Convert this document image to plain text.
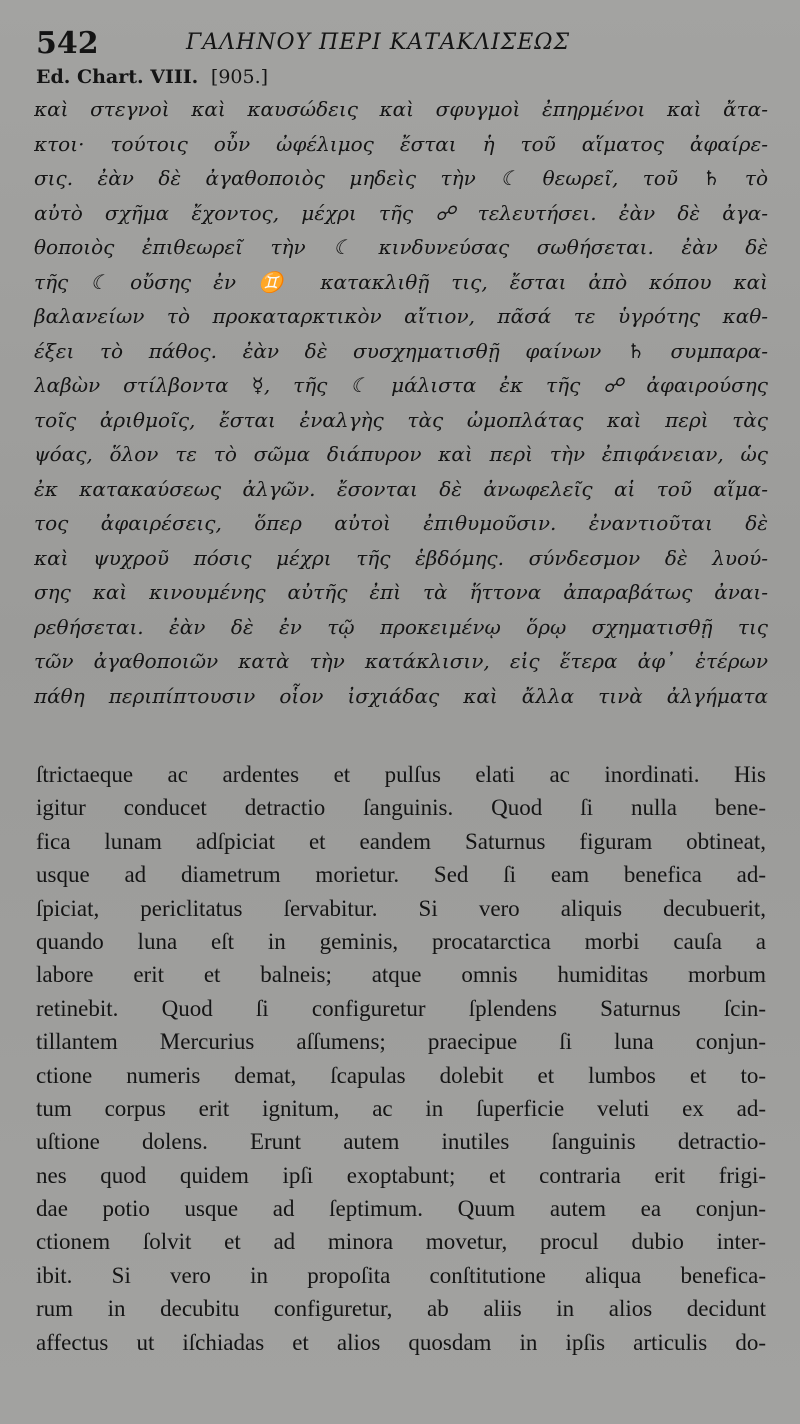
542	ΓΑΛΗΝΟΥ ΠΕΡΙ ΚΑΤΑΚΛΙΣΕΩΣ
Ed. Chart. VIII. [905.]
καὶ στεγνοὶ καὶ καυσώδεις καὶ σφυγμοὶ ἐπηρμένοι καὶ ἄτα-
κτοι· τούτοις οὖν ὠφέλιμος ἔσται ἡ τοῦ αἵματος ἀφαίρε-
σις. ἐὰν δὲ ἀγαθοποιὸς μηδεὶς τὴν ☾ θεωρεῖ, τοῦ ♄ τὸ
αὐτὸ σχῆμα ἔχοντος, μέχρι τῆς ☍ τελευτήσει. ἐὰν δὲ ἀγα-
θοποιὸς ἐπιθεωρεῖ τὴν ☾ κινδυνεύσας σωθήσεται. ἐὰν δὲ
τῆς ☾ οὔσης ἐν ♊ κατακλιθῇ τις, ἔσται ἀπὸ κόπου καὶ
βαλανείων τὸ προκαταρκτικὸν αἴτιον, πᾶσά τε ὑγρότης καθ-
έξει τὸ πάθος. ἐὰν δὲ συσχηματισθῇ φαίνων ♄ συμπαρα-
λαβὼν στίλβοντα ☿, τῆς ☾ μάλιστα ἐκ τῆς ☍ ἀφαιρούσης
τοῖς ἀριθμοῖς, ἔσται ἐναλγὴς τὰς ὠμοπλάτας καὶ περὶ τὰς
ψόας, ὅλον τε τὸ σῶμα διάπυρον καὶ περὶ τὴν ἐπιφάνειαν, ὡς
ἐκ κατακαύσεως ἀλγῶν. ἔσονται δὲ ἀνωφελεῖς αἱ τοῦ αἵμα-
τος ἀφαιρέσεις, ὅπερ αὐτοὶ ἐπιθυμοῦσιν. ἐναντιοῦται δὲ
καὶ ψυχροῦ πόσις μέχρι τῆς ἑβδόμης. σύνδεσμον δὲ λυού-
σης καὶ κινουμένης αὐτῆς ἐπὶ τὰ ἥττονα ἀπαραβάτως ἀναι-
ρεθήσεται. ἐὰν δὲ ἐν τῷ προκειμένῳ ὅρῳ σχηματισθῇ τις
τῶν ἀγαθοποιῶν κατὰ τὴν κατάκλισιν, εἰς ἕτερα ἀφ᾽ ἑτέρων
πάθη περιπίπτουσιν οἷον ἰσχιάδας καὶ ἄλλα τινὰ ἀλγήματα
ſtrictaeque ac ardentes et pulſus elati ac inordinati. His
igitur conducet detractio ſanguinis. Quod ſi nulla bene-
fica lunam adſpiciat et eandem Saturnus figuram obtineat,
usque ad diametrum morietur. Sed ſi eam benefica ad-
ſpiciat, periclitatus ſervabitur. Si vero aliquis decubuerit,
quando luna eſt in geminis, procatarctica morbi cauſa a
labore erit et balneis; atque omnis humiditas morbum
retinebit. Quod ſi configuretur ſplendens Saturnus ſcin-
tillantem Mercurius aſſumens; praecipue ſi luna conjun-
ctione numeris demat, ſcapulas dolebit et lumbos et to-
tum corpus erit ignitum, ac in ſuperficie veluti ex ad-
uſtione dolens. Erunt autem inutiles ſanguinis detractio-
nes quod quidem ipſi exoptabunt; et contraria erit frigi-
dae potio usque ad ſeptimum. Quum autem ea conjun-
ctionem ſolvit et ad minora movetur, procul dubio inter-
ibit. Si vero in propoſita conſtitutione aliqua benefica-
rum in decubitu configuretur, ab aliis in alios decidunt
affectus ut iſchiadas et alios quosdam in ipſis articulis do-
